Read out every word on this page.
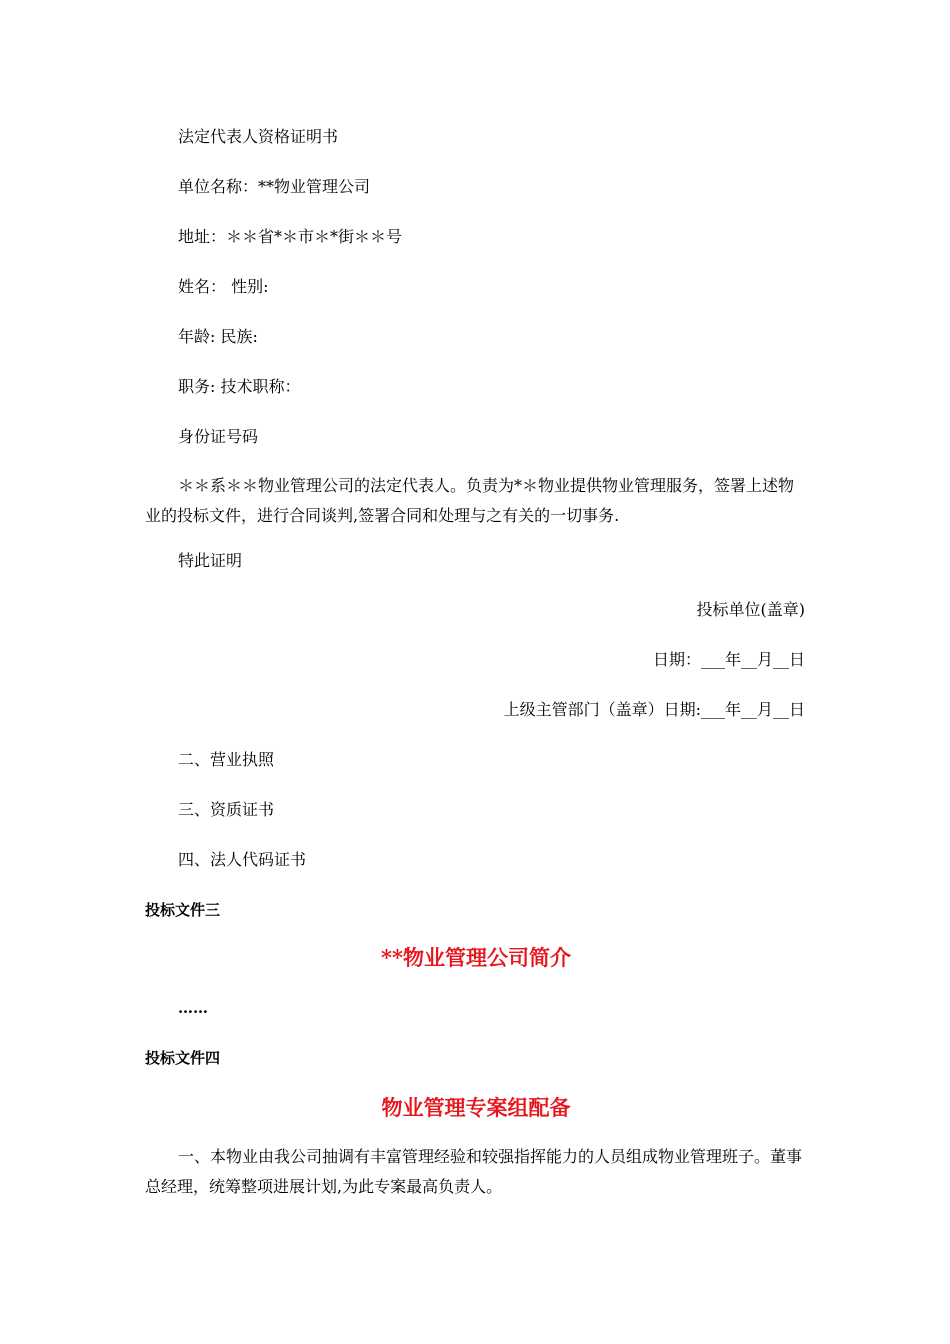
法定代表人资格证明书
单位名称：**物业管理公司
地址：＊＊省*＊市＊*街＊＊号
姓名： 性别:
年龄: 民族:
职务: 技术职称：
身份证号码
＊＊系＊＊物业管理公司的法定代表人。负责为*＊物业提供物业管理服务，签署上述物业的投标文件，进行合同谈判,签署合同和处理与之有关的一切事务.
特此证明
投标单位(盖章)
日期：___年__月__日
上级主管部门（盖章）日期:___年__月__日
二、营业执照
三、资质证书
四、法人代码证书
投标文件三
**物业管理公司简介
……
投标文件四
物业管理专案组配备
一、本物业由我公司抽调有丰富管理经验和较强指挥能力的人员组成物业管理班子。董事总经理，统筹整项进展计划,为此专案最高负责人。
